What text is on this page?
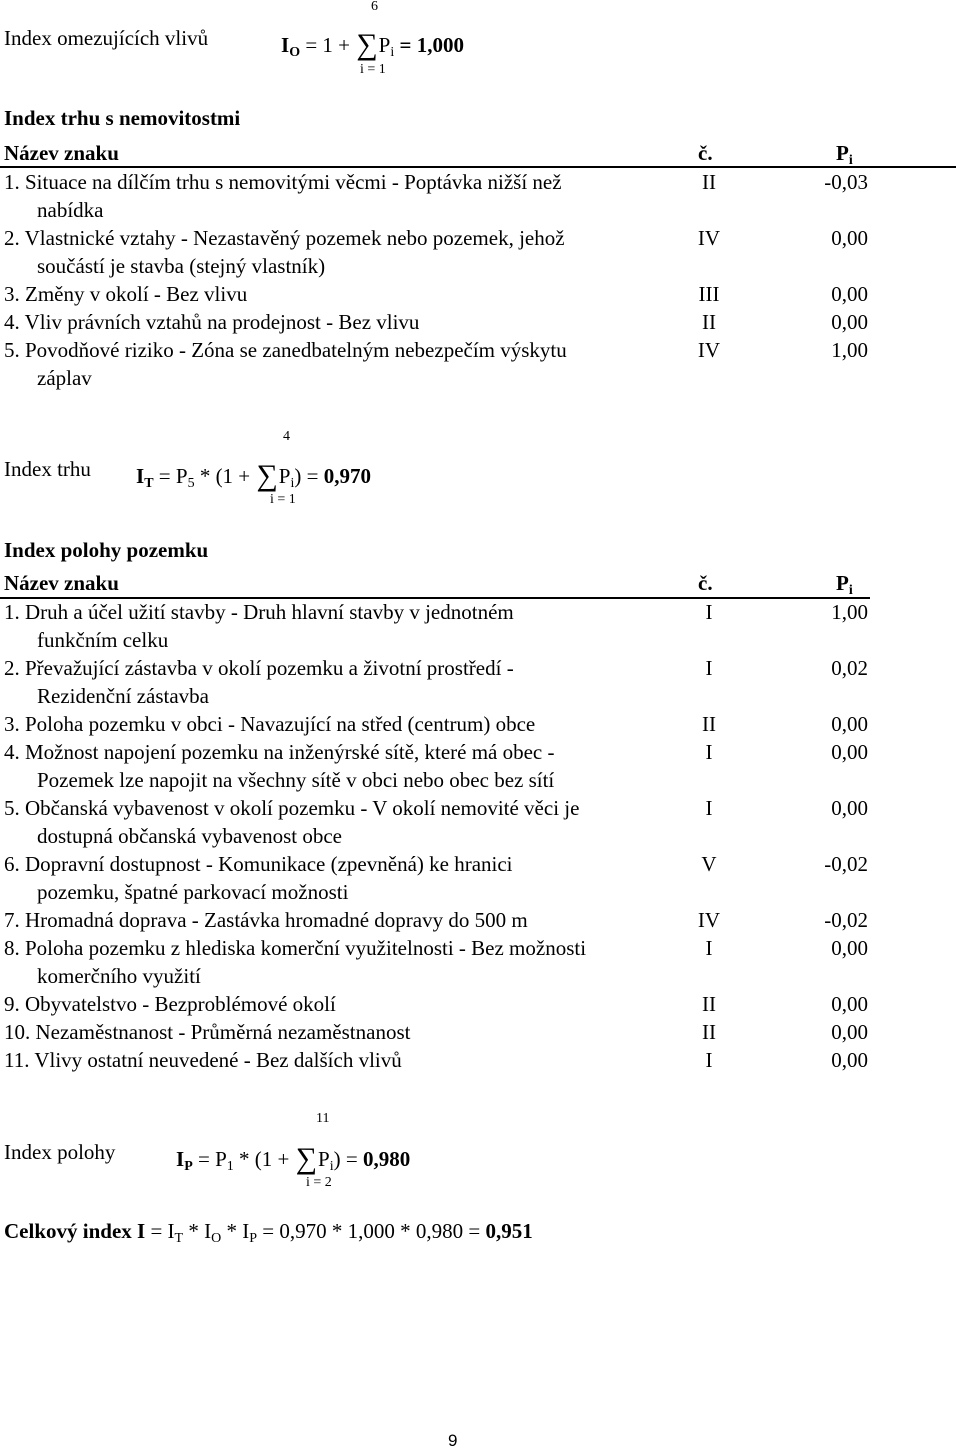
Index omezujících vlivů
6
$I_O = 1 + \sum P_i = 1,000$
i = 1
Index trhu s nemovitostmi
Název znaku	č.	$P_i$
1. Situace na dílčím trhu s nemovitými věcmi - Poptávka nižší než
nabídka
II	-0,03
2. Vlastnické vztahy - Nezastavěný pozemek nebo pozemek, jehož
součástí je stavba (stejný vlastník)
IV	0,00
3. Změny v okolí - Bez vlivu	III	0,00
4. Vliv právních vztahů na prodejnost - Bez vlivu	II	0,00
5. Povodňové riziko - Zóna se zanedbatelným nebezpečím výskytu
záplav
IV	1,00
4
Index trhu $I_T = P_5 * (1 + \sum P_i) = 0,970$
i = 1
Index polohy pozemku
Název znaku	č.	$P_i$
1. Druh a účel užití stavby - Druh hlavní stavby v jednotném
funkčním celku
I	1,00
2. Převažující zástavba v okolí pozemku a životní prostředí -
Rezidenční zástavba
I	0,02
3. Poloha pozemku v obci - Navazující na střed (centrum) obce	II	0,00
4. Možnost napojení pozemku na inženýrské sítě, které má obec -
Pozemek lze napojit na všechny sítě v obci nebo obec bez sítí
I	0,00
5. Občanská vybavenost v okolí pozemku - V okolí nemovité věci je
dostupná občanská vybavenost obce
I	0,00
6. Dopravní dostupnost - Komunikace (zpevněná) ke hranici
pozemku, špatné parkovací možnosti
V	-0,02
7. Hromadná doprava - Zastávka hromadné dopravy do 500 m	IV	-0,02
8. Poloha pozemku z hlediska komerční využitelnosti - Bez možnosti
komerčního využití
I	0,00
9. Obyvatelstvo - Bezproblémové okolí	II	0,00
10. Nezaměstnanost - Průměrná nezaměstnanost	II	0,00
11. Vlivy ostatní neuvedené - Bez dalších vlivů	I	0,00
11
Index polohy	$I_P = P_1 * (1 + \sum P_i) = 0,980$
i = 2
Celkový index $I = I_T * I_O * I_P = 0,970 * 1,000 * 0,980 = 0,951$
9
